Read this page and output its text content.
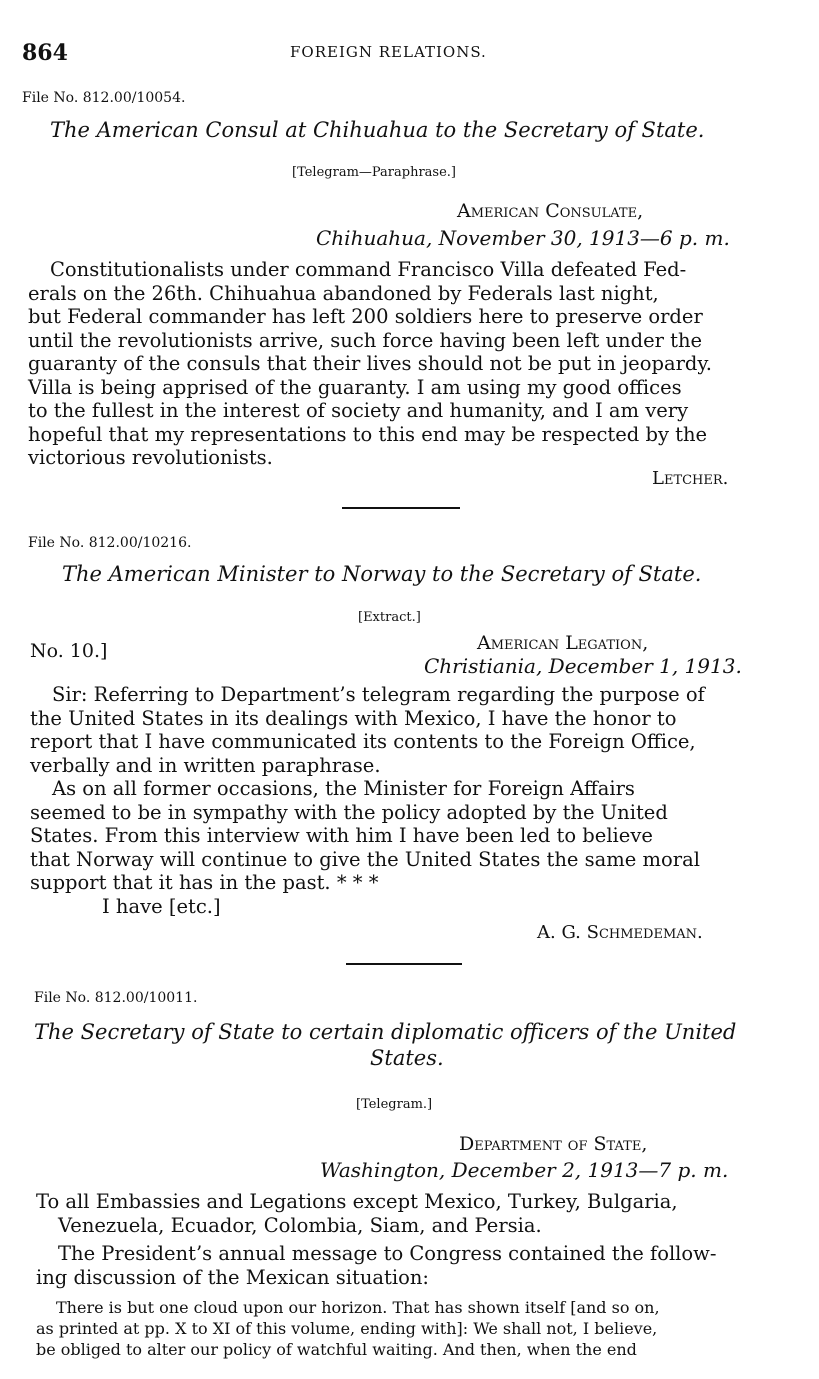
864	FOREIGN RELATIONS.
File No. 812.00/10054.
The American Consul at Chihuahua to the Secretary of State.
[Telegram—Paraphrase.]
American Consulate,
Chihuahua, November 30, 1913—6 p. m.
Constitutionalists under command Francisco Villa defeated Fed-
erals on the 26th. Chihuahua abandoned by Federals last night,
but Federal commander has left 200 soldiers here to preserve order
until the revolutionists arrive, such force having been left under the
guaranty of the consuls that their lives should not be put in jeopardy.
Villa is being apprised of the guaranty. I am using my good offices
to the fullest in the interest of society and humanity, and I am very
hopeful that my representations to this end may be respected by the
victorious revolutionists.
Letcher.
File No. 812.00/10216.
The American Minister to Norway to the Secretary of State.
[Extract.]
No. 10.]	American Legation,
Christiania, December 1, 1913.
Sir: Referring to Department’s telegram regarding the purpose of
the United States in its dealings with Mexico, I have the honor to
report that I have communicated its contents to the Foreign Office,
verbally and in written paraphrase.
As on all former occasions, the Minister for Foreign Affairs
seemed to be in sympathy with the policy adopted by the United
States. From this interview with him I have been led to believe
that Norway will continue to give the United States the same moral
support that it has in the past. * * *
I have [etc.]
A. G. Schmedeman.
File No. 812.00/10011.
The Secretary of State to certain diplomatic officers of the United
States.
[Telegram.]
Department of State,
Washington, December 2, 1913—7 p. m.
To all Embassies and Legations except Mexico, Turkey, Bulgaria,
Venezuela, Ecuador, Colombia, Siam, and Persia.
The President’s annual message to Congress contained the follow-
ing discussion of the Mexican situation:
There is but one cloud upon our horizon. That has shown itself [and so on,
as printed at pp. X to XI of this volume, ending with]: We shall not, I believe,
be obliged to alter our policy of watchful waiting. And then, when the end
